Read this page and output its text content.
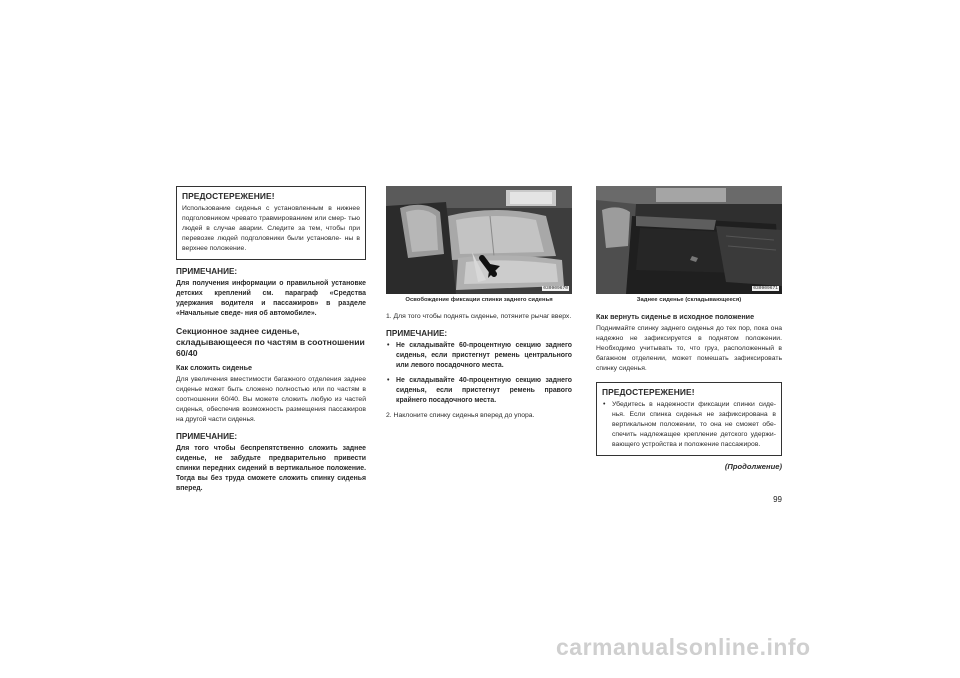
ПРЕДОСТЕРЕЖЕНИЕ!

Использование сиденья с установленным в нижнее подголовником чревато травмированием или смер- тью людей в случае аварии. Следите за тем, чтобы при перевозке людей подголовники были установле- ны в верхнее положение.

ПРИМЕЧАНИЕ:

Для получения информации о правильной установке детских креплений см. параграф «Средства удержания водителя и пассажиров» в разделе «Начальные сведе- ния об автомобиле».

Секционное заднее сиденье, складывающееся по частям в соотношении 60/40
Как сложить сиденье

Для увеличения вместимости багажного отделения заднее сиденье может быть сложено полностью или по частям в соотношении 60/40. Вы можете сложить любую из частей сиденья, обеспечив возможность размещения пассажиров на другой части сиденья.

ПРИМЕЧАНИЕ:

Для того чтобы беспрепятственно сложить заднее сиденье, не забудьте предварительно привести спинки передних сидений в вертикальное положение. Тогда вы без труда сможете сложить спинку сиденья вперед.

030909670
Освобождение фиксации спинки заднего сиденья

1. Для того чтобы поднять сиденье, потяните рычаг вверх.

ПРИМЕЧАНИЕ:
• Не складывайте 60-процентную секцию заднего сиденья, если пристегнут ремень центрального или левого посадочного места.
• Не складывайте 40-процентную секцию заднего сиденья, если пристегнут ремень правого крайнего посадочного места.

2. Наклоните спинку сиденья вперед до упора.

030909671
Заднее сиденье (складывающееся)
Как вернуть сиденье в исходное положение

Поднимайте спинку заднего сиденья до тех пор, пока она надежно не зафиксируется в поднятом положении. Необходимо учитывать то, что груз, расположенный в багажном отделении, может помешать зафиксировать спинку сиденья.

ПРЕДОСТЕРЕЖЕНИЕ!
• Убедитесь в надежности фиксации спинки сиде- нья. Если спинка сиденья не зафиксирована в вертикальном положении, то она не сможет обе- спечить надлежащее крепление детского удержи- вающего устройства и положение пассажиров.
(Продолжение)
99
carmanualsonline.info
